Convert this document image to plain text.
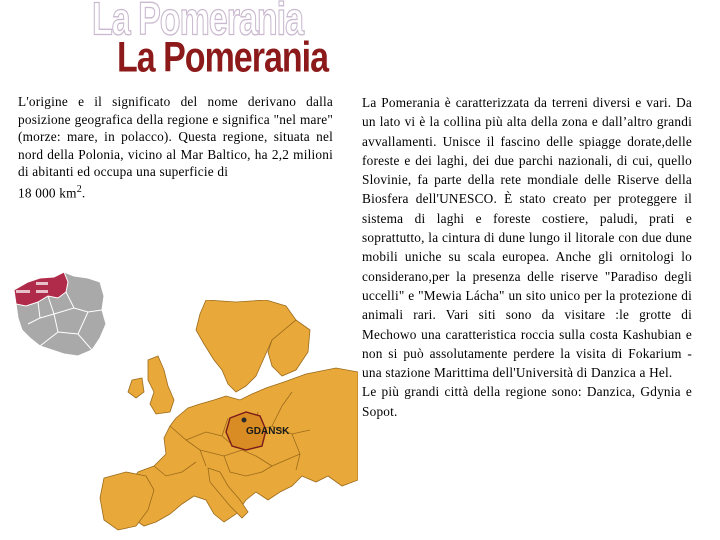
La Pomerania
La Pomerania
L'origine e il significato del nome derivano dalla posizione geografica della regione e significa "nel mare" (morze: mare, in polacco). Questa regione, situata nel nord della Polonia, vicino al Mar Baltico, ha 2,2 milioni di abitanti ed occupa una superficie di
18 000 $km^2$.

La Pomerania è caratterizzata da terreni diversi e vari. Da un lato vi è la collina più alta della zona e dall’altro grandi avvallamenti. Unisce il fascino delle spiagge dorate,delle foreste e dei laghi, dei due parchi nazionali, di cui, quello Slovinie, fa parte della rete mondiale delle Riserve della Biosfera dell'UNESCO. È stato creato per proteggere il sistema di laghi e foreste costiere, paludi, prati e soprattutto, la cintura di dune lungo il litorale con due dune mobili uniche su scala europea. Anche gli ornitologi lo considerano,per la presenza delle riserve "Paradiso degli uccelli" e "Mewia Lácha" un sito unico per la protezione di animali rari. Vari siti sono da visitare :le grotte di Mechowo una caratteristica roccia sulla costa Kashubian e non si può assolutamente perdere la visita di Fokarium - una stazione Marittima dell'Università di Danzica a Hel.

Le più grandi città della regione sono: Danzica, Gdynia e Sopot.

GDANSK
